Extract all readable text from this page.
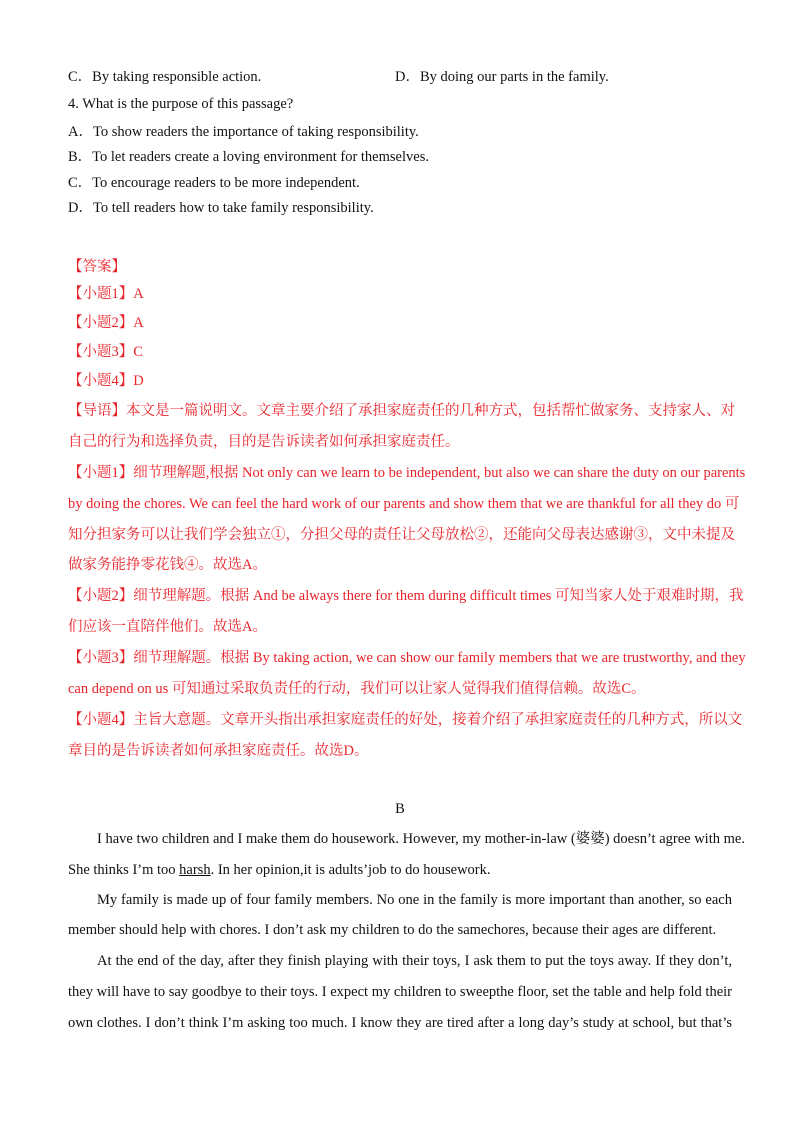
C．By taking responsible action.	D．By doing our parts in the family.
4. What is the purpose of this passage?
A．To show readers the importance of taking responsibility.
B．To let readers create a loving environment for themselves.
C．To encourage readers to be more independent.
D．To tell readers how to take family responsibility.
【答案】
【小题1】A
【小题2】A
【小题3】C
【小题4】D
【导语】本文是一篇说明文。文章主要介绍了承担家庭责任的几种方式，包括帮忙做家务、支持家人、对
自己的行为和选择负责，目的是告诉读者如何承担家庭责任。
【小题1】细节理解题,根据 Not only can we learn to be independent, but also we can share the duty on our parents
by doing the chores. We can feel the hard work of our parents and show them that we are thankful for all they do 可
知分担家务可以让我们学会独立①，分担父母的责任让父母放松②，还能向父母表达感谢③，文中未提及
做家务能挣零花钱④。故选A。
【小题2】细节理解题。根据 And be always there for them during difficult times 可知当家人处于艰难时期，我
们应该一直陪伴他们。故选A。
【小题3】细节理解题。根据 By taking action, we can show our family members that we are trustworthy, and they
can depend on us 可知通过采取负责任的行动，我们可以让家人觉得我们值得信赖。故选C。
【小题4】主旨大意题。文章开头指出承担家庭责任的好处，接着介绍了承担家庭责任的几种方式，所以文
章目的是告诉读者如何承担家庭责任。故选D。
B
I have two children and I make them do housework. However, my mother-in-law (婆婆) doesn’t agree with me.
She thinks I’m too harsh. In her opinion,it is adults’job to do housework.
My family is made up of four family members. No one in the family is more important than another, so each
member should help with chores. I don’t ask my children to do the samechores, because their ages are different.
At the end of the day, after they finish playing with their toys, I ask them to put the toys away. If they don’t,
they will have to say goodbye to their toys. I expect my children to sweepthe floor, set the table and help fold their
own clothes. I don’t think I’m asking too much. I know they are tired after a long day’s study at school, but that’s
